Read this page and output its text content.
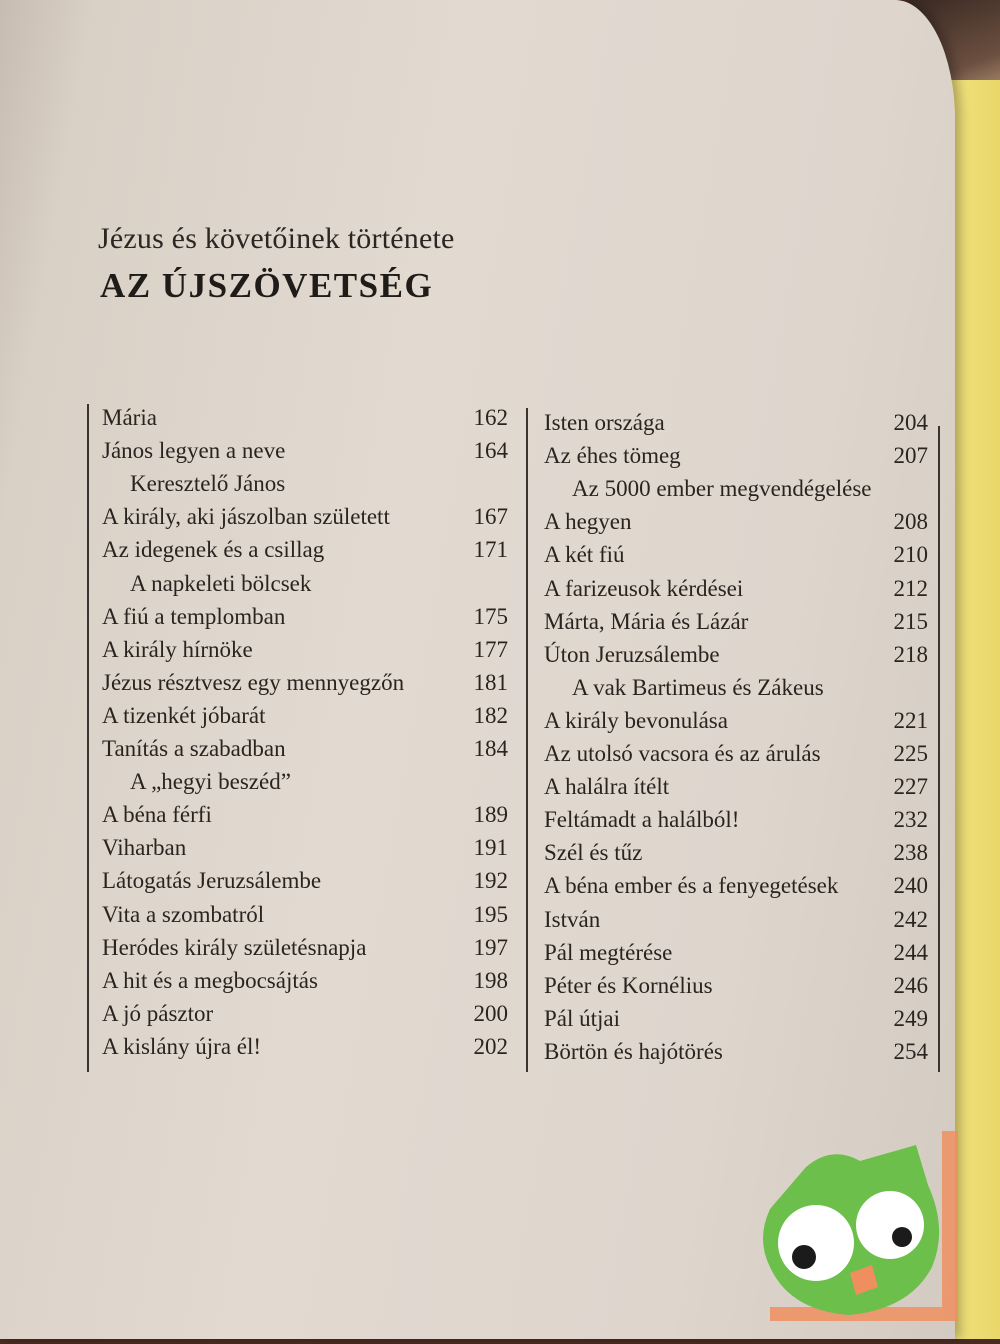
Jézus és követőinek története
AZ ÚJSZÖVETSÉG
Mária	162
János legyen a neve	164
Keresztelő János
A király, aki jászolban született	167
Az idegenek és a csillag	171
A napkeleti bölcsek
A fiú a templomban	175
A király hírnöke	177
Jézus résztvesz egy mennyegzőn	181
A tizenkét jóbarát	182
Tanítás a szabadban	184
A „hegyi beszéd”
A béna férfi	189
Viharban	191
Látogatás Jeruzsálembe	192
Vita a szombatról	195
Heródes király születésnapja	197
A hit és a megbocsájtás	198
A jó pásztor	200
A kislány újra él!	202
Isten országa	204
Az éhes tömeg	207
Az 5000 ember megvendégelése
A hegyen	208
A két fiú	210
A farizeusok kérdései	212
Márta, Mária és Lázár	215
Úton Jeruzsálembe	218
A vak Bartimeus és Zákeus
A király bevonulása	221
Az utolsó vacsora és az árulás	225
A halálra ítélt	227
Feltámadt a halálból!	232
Szél és tűz	238
A béna ember és a fenyegetések	240
István	242
Pál megtérése	244
Péter és Kornélius	246
Pál útjai	249
Börtön és hajótörés	254
